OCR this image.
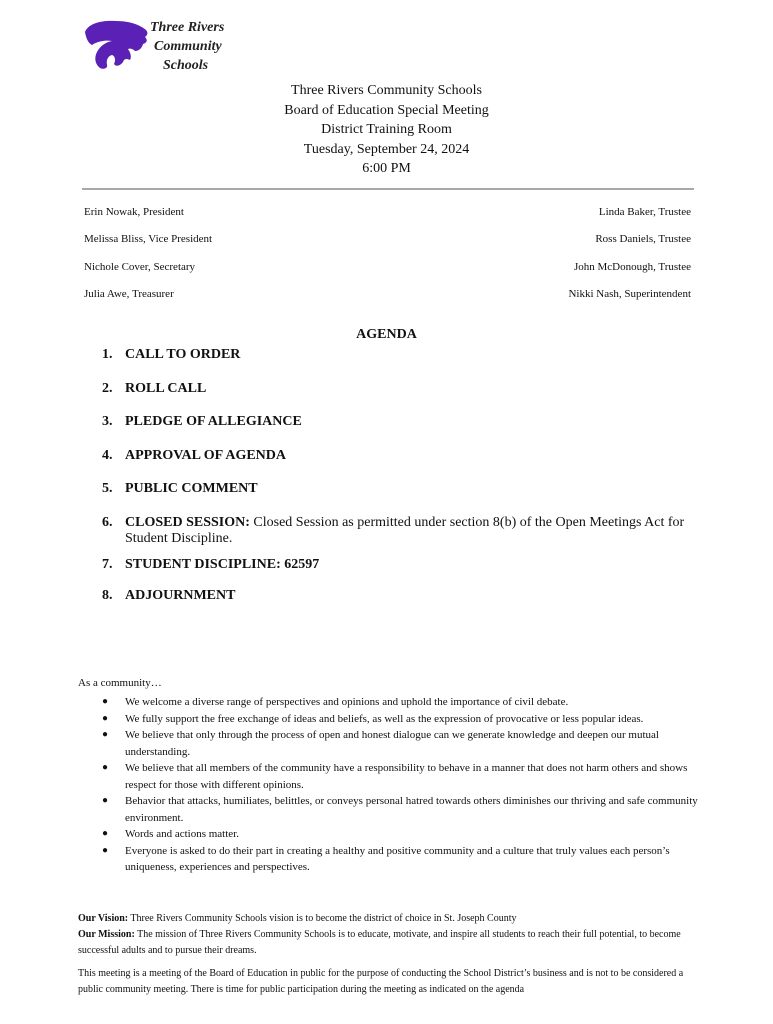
Three Rivers
Community
Schools
Three Rivers Community Schools
Board of Education Special Meeting
District Training Room
Tuesday, September 24, 2024
6:00 PM
Erin Nowak, President
Melissa Bliss, Vice President
Nichole Cover, Secretary
Julia Awe, Treasurer
Linda Baker, Trustee
Ross Daniels, Trustee
John McDonough, Trustee
Nikki Nash, Superintendent
AGENDA
1. CALL TO ORDER
2. ROLL CALL
3. PLEDGE OF ALLEGIANCE
4. APPROVAL OF AGENDA
5. PUBLIC COMMENT
6. CLOSED SESSION: Closed Session as permitted under section 8(b) of the Open Meetings Act for Student Discipline.
7. STUDENT DISCIPLINE: 62597
8. ADJOURNMENT
As a community…
● We welcome a diverse range of perspectives and opinions and uphold the importance of civil debate.
● We fully support the free exchange of ideas and beliefs, as well as the expression of provocative or less popular ideas.
● We believe that only through the process of open and honest dialogue can we generate knowledge and deepen our mutual understanding.
● We believe that all members of the community have a responsibility to behave in a manner that does not harm others and shows respect for those with different opinions.
● Behavior that attacks, humiliates, belittles, or conveys personal hatred towards others diminishes our thriving and safe community environment.
● Words and actions matter.
● Everyone is asked to do their part in creating a healthy and positive community and a culture that truly values each person’s uniqueness, experiences and perspectives.
Our Vision: Three Rivers Community Schools vision is to become the district of choice in St. Joseph County
Our Mission: The mission of Three Rivers Community Schools is to educate, motivate, and inspire all students to reach their full potential, to become successful adults and to pursue their dreams.
This meeting is a meeting of the Board of Education in public for the purpose of conducting the School District’s business and is not to be considered a public community meeting. There is time for public participation during the meeting as indicated on the agenda
